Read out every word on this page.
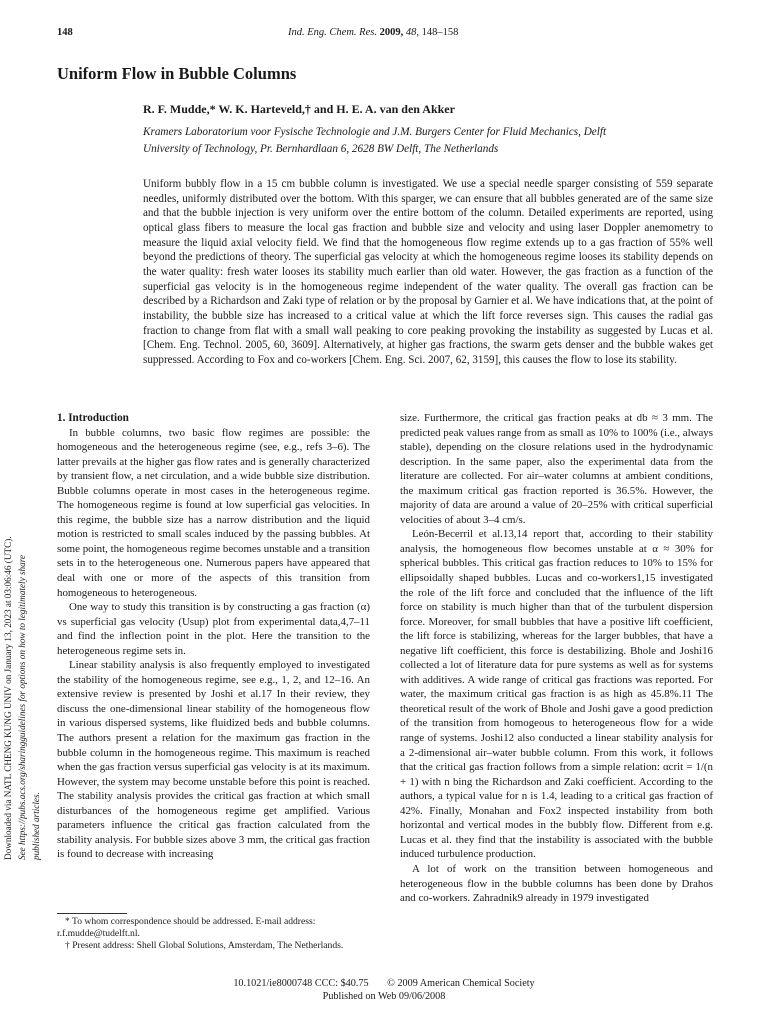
148	Ind. Eng. Chem. Res. 2009, 48, 148–158
Uniform Flow in Bubble Columns
R. F. Mudde,* W. K. Harteveld,† and H. E. A. van den Akker
Kramers Laboratorium voor Fysische Technologie and J.M. Burgers Center for Fluid Mechanics, Delft
University of Technology, Pr. Bernhardlaan 6, 2628 BW Delft, The Netherlands

Uniform bubbly flow in a 15 cm bubble column is investigated. We use a special needle sparger consisting of 559 separate needles, uniformly distributed over the bottom. With this sparger, we can ensure that all bubbles generated are of the same size and that the bubble injection is very uniform over the entire bottom of the column. Detailed experiments are reported, using optical glass fibers to measure the local gas fraction and bubble size and velocity and using laser Doppler anemometry to measure the liquid axial velocity field. We find that the homogeneous flow regime extends up to a gas fraction of 55% well beyond the predictions of theory. The superficial gas velocity at which the homogeneous regime looses its stability depends on the water quality: fresh water looses its stability much earlier than old water. However, the gas fraction as a function of the superficial gas velocity is in the homogeneous regime independent of the water quality. The overall gas fraction can be described by a Richardson and Zaki type of relation or by the proposal by Garnier et al. We have indications that, at the point of instability, the bubble size has increased to a critical value at which the lift force reverses sign. This causes the radial gas fraction to change from flat with a small wall peaking to core peaking provoking the instability as suggested by Lucas et al. [Chem. Eng. Technol. 2005, 60, 3609]. Alternatively, at higher gas fractions, the swarm gets denser and the bubble wakes get suppressed. According to Fox and co-workers [Chem. Eng. Sci. 2007, 62, 3159], this causes the flow to lose its stability.

Downloaded via NATL CHENG KUNG UNIV on January 13, 2023 at 03:06:46 (UTC). See https://pubs.acs.org/sharingguidelines for options on how to legitimately share published articles.

1. Introduction

In bubble columns, two basic flow regimes are possible: the homogeneous and the heterogeneous regime (see, e.g., refs 3–6). The latter prevails at the higher gas flow rates and is generally characterized by transient flow, a net circulation, and a wide bubble size distribution. Bubble columns operate in most cases in the heterogeneous regime. The homogeneous regime is found at low superficial gas velocities. In this regime, the bubble size has a narrow distribution and the liquid motion is restricted to small scales induced by the passing bubbles. At some point, the homogeneous regime becomes unstable and a transition sets in to the heterogeneous one. Numerous papers have appeared that deal with one or more of the aspects of this transition from homogeneous to heterogeneous.

One way to study this transition is by constructing a gas fraction (α) vs superficial gas velocity (Usup) plot from experimental data,4,7–11 and find the inflection point in the plot. Here the transition to the heterogeneous regime sets in.

Linear stability analysis is also frequently employed to investigated the stability of the homogeneous regime, see e.g., 1, 2, and 12–16. An extensive review is presented by Joshi et al.17 In their review, they discuss the one-dimensional linear stability of the homogeneous flow in various dispersed systems, like fluidized beds and bubble columns. The authors present a relation for the maximum gas fraction in the bubble column in the homogeneous regime. This maximum is reached when the gas fraction versus superficial gas velocity is at its maximum. However, the system may become unstable before this point is reached. The stability analysis provides the critical gas fraction at which small disturbances of the homogeneous regime get amplified. Various parameters influence the critical gas fraction calculated from the stability analysis. For bubble sizes above 3 mm, the critical gas fraction is found to decrease with increasing

size. Furthermore, the critical gas fraction peaks at db ≈ 3 mm. The predicted peak values range from as small as 10% to 100% (i.e., always stable), depending on the closure relations used in the hydrodynamic description. In the same paper, also the experimental data from the literature are collected. For air–water columns at ambient conditions, the maximum critical gas fraction reported is 36.5%. However, the majority of data are around a value of 20–25% with critical superficial velocities of about 3–4 cm/s.

León-Becerril et al.13,14 report that, according to their stability analysis, the homogeneous flow becomes unstable at α ≈ 30% for spherical bubbles. This critical gas fraction reduces to 10% to 15% for ellipsoidally shaped bubbles. Lucas and co-workers1,15 investigated the role of the lift force and concluded that the influence of the lift force on stability is much higher than that of the turbulent dispersion force. Moreover, for small bubbles that have a positive lift coefficient, the lift force is stabilizing, whereas for the larger bubbles, that have a negative lift coefficient, this force is destabilizing. Bhole and Joshi16 collected a lot of literature data for pure systems as well as for systems with additives. A wide range of critical gas fractions was reported. For water, the maximum critical gas fraction is as high as 45.8%.11 The theoretical result of the work of Bhole and Joshi gave a good prediction of the transition from homogeous to heterogeneous flow for a wide range of systems. Joshi12 also conducted a linear stability analysis for a 2-dimensional air–water bubble column. From this work, it follows that the critical gas fraction follows from a simple relation: αcrit = 1/(n + 1) with n bing the Richardson and Zaki coefficient. According to the authors, a typical value for n is 1.4, leading to a critical gas fraction of 42%. Finally, Monahan and Fox2 inspected instability from both horizontal and vertical modes in the bubbly flow. Different from e.g. Lucas et al. they find that the instability is associated with the bubble induced turbulence production.

A lot of work on the transition between homogeneous and heterogeneous flow in the bubble columns has been done by Drahos and co-workers. Zahradnik9 already in 1979 investigated

* To whom correspondence should be addressed. E-mail address: r.f.mudde@tudelft.nl.

† Present address: Shell Global Solutions, Amsterdam, The Netherlands.

10.1021/ie8000748 CCC: $40.75 © 2009 American Chemical Society
Published on Web 09/06/2008
